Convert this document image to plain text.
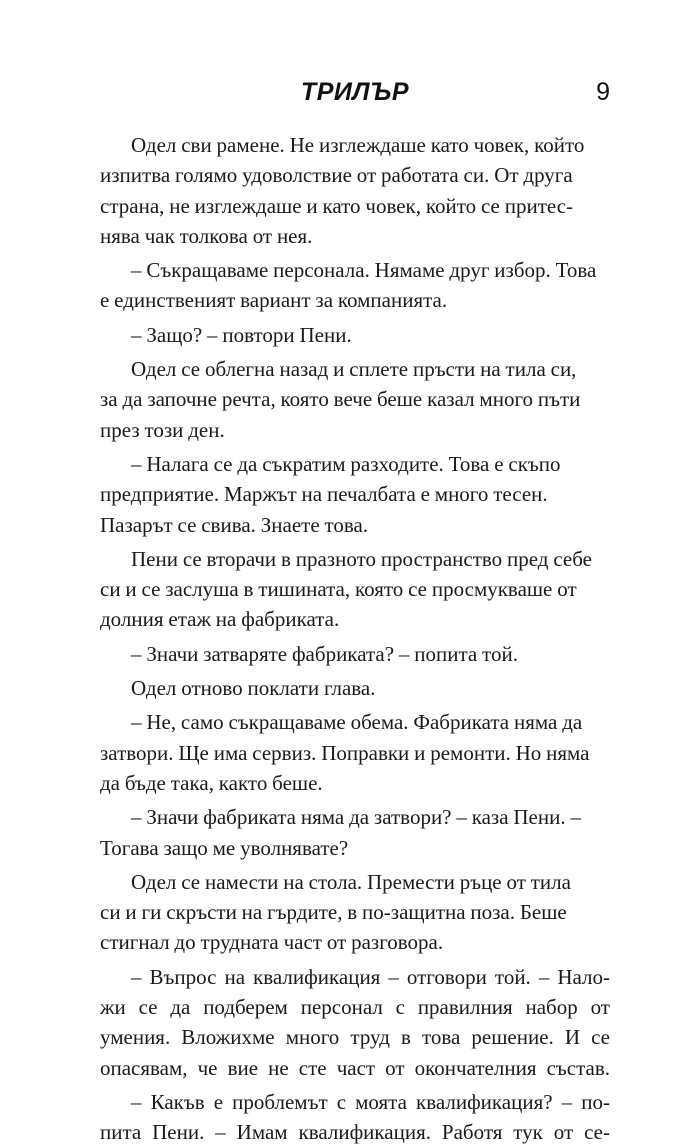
ТРИЛЪР	9

Одел сви рамене. Не изглеждаше като човек, който
изпитва голямо удоволствие от работата си. От друга
страна, не изглеждаше и като човек, който се притес-
нява чак толкова от нея.

– Съкращаваме персонала. Нямаме друг избор. Това
е единственият вариант за компанията.

– Защо? – повтори Пени.

Одел се облегна назад и сплете пръсти на тила си,
за да започне речта, която вече беше казал много пъти
през този ден.

– Налага се да съкратим разходите. Това е скъпо
предприятие. Маржът на печалбата е много тесен.
Пазарът се свива. Знаете това.

Пени се вторачи в празното пространство пред себе
си и се заслуша в тишината, която се просмукваше от
долния етаж на фабриката.

– Значи затваряте фабриката? – попита той.

Одел отново поклати глава.

– Не, само съкращаваме обема. Фабриката няма да
затвори. Ще има сервиз. Поправки и ремонти. Но няма
да бъде така, както беше.

– Значи фабриката няма да затвори? – каза Пени. –
Тогава защо ме уволнявате?

Одел се намести на стола. Премести ръце от тила
си и ги скръсти на гърдите, в по-защитна поза. Беше
стигнал до трудната част от разговора.

– Въпрос на квалификация – отговори той. – Нало-
жи се да подберем персонал с правилния набор от
умения. Вложихме много труд в това решение. И се
опасявам, че вие не сте част от окончателния състав.

– Какъв е проблемът с моята квалификация? – по-
пита Пени. – Имам квалификация. Работя тук от се-
